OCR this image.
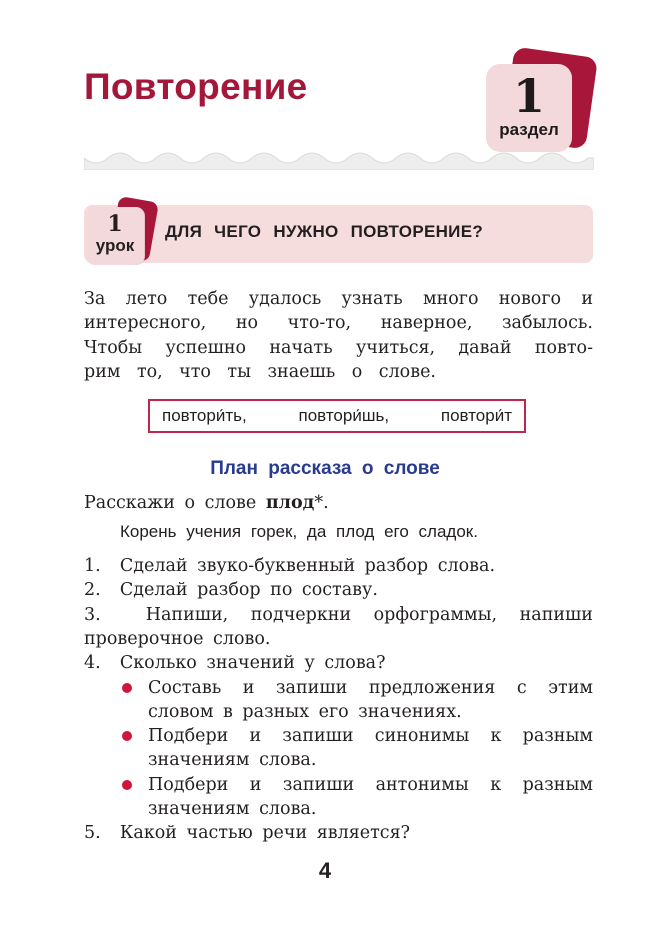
Повторение	1
раздел
1
урок
ДЛЯ ЧЕГО НУЖНО ПОВТОРЕНИЕ?
За лето тебе удалось узнать много нового и
интересного, но что-то, наверное, забылось.
Чтобы успешно начать учиться, давай повто-
рим то, что ты знаешь о слове.
повтори́ть,	повтори́шь,	повтори́т
План рассказа о слове
Расскажи о слове плод*.
Корень учения горек, да плод его сладок.
1. Сделай звуко-буквенный разбор слова.
2. Сделай разбор по составу.
3.	Напиши, подчеркни орфограммы, напиши
проверочное слово.
4. Сколько значений у слова?
Составь и запиши предложения с этим
словом в разных его значениях.
Подбери и запиши синонимы к разным
значениям слова.
Подбери и запиши антонимы к разным
значениям слова.
5. Какой частью речи является?
4
